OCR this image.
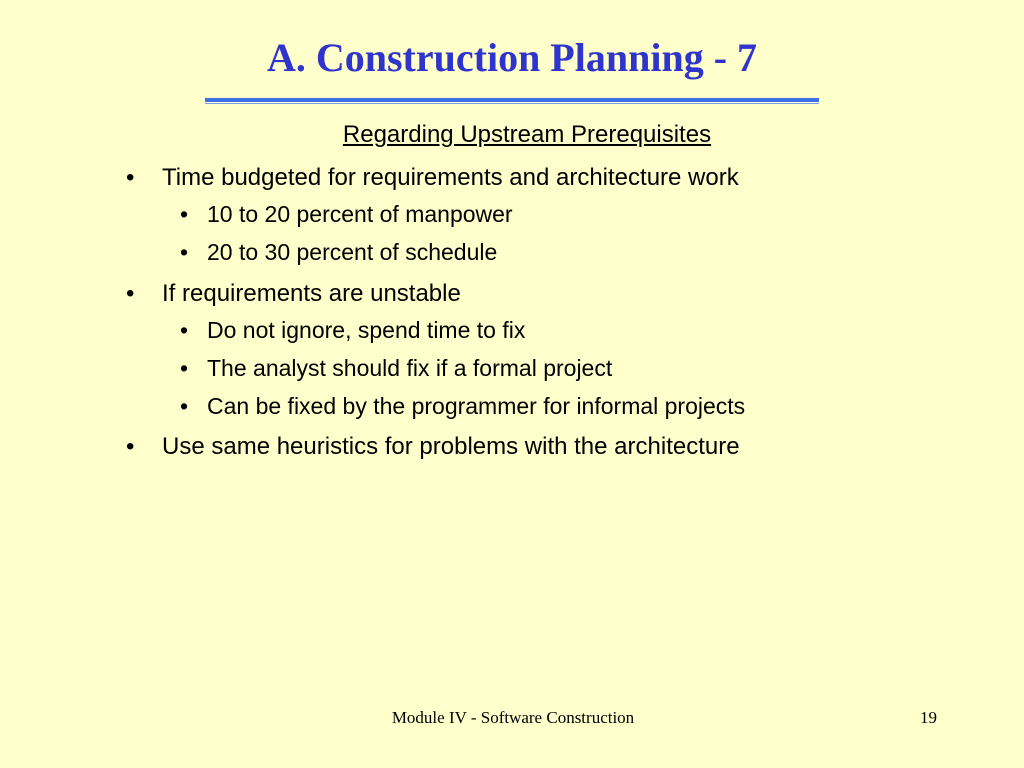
A. Construction Planning - 7
Regarding Upstream Prerequisites
• Time budgeted for requirements and architecture work
• 10 to 20 percent of manpower
• 20 to 30 percent of schedule
• If requirements are unstable
• Do not ignore, spend time to fix
• The analyst should fix if a formal project
• Can be fixed by the programmer for informal projects
• Use same heuristics for problems with the architecture
Module IV - Software Construction	19
